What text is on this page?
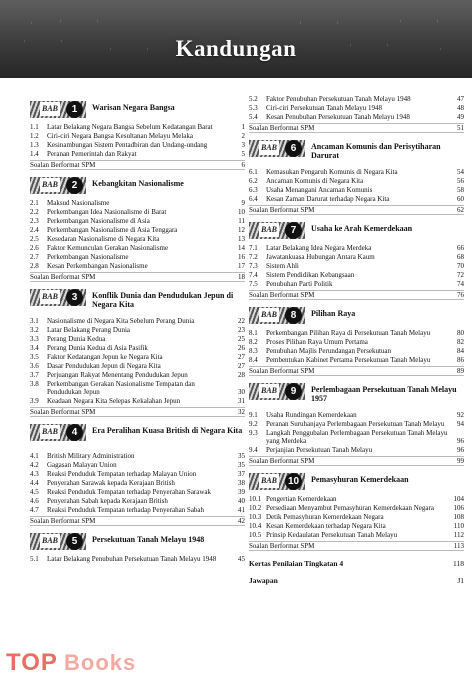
Kandungan
BAB	1	Warisan Negara Bangsa
1.1	Latar Belakang Negara Bangsa Sebelum Kedatangan Barat	1
1.2	Ciri-ciri Negara Bangsa Kesultanan Melayu Melaka	2
1.3	Kesinambungan Sistem Pentadbiran dan Undang-undang	3
1.4	Peranan Pemerintah dan Rakyat	5
Soalan Berformat SPM	6
BAB	2	Kebangkitan Nasionalisme
2.1	Maksud Nasionalisme	9
2.2	Perkembangan Idea Nasionalisme di Barat	10
2.3	Perkembangan Nasionalisme di Asia	11
2.4	Perkembangan Nasionalisme di Asia Tenggara	12
2.5	Kesedaran Nasionalisme di Negara Kita	13
2.6	Faktor Kemunculan Gerakan Nasionalisme	14
2.7	Perkembangan Nasionalisme	16
2.8	Kesan Perkembangan Nasionalisme	17
Soalan Berformat SPM	18
BAB	3	Konflik Dunia dan Pendudukan Jepun di Negara Kita
3.1	Nasionalisme di Negara Kita Sebelum Perang Dunia	22
3.2	Latar Belakang Perang Dunia	23
3.3	Perang Dunia Kedua	25
3.4	Perang Dunia Kedua di Asia Pasifik	26
3.5	Faktor Kedatangan Jepun ke Negara Kita	27
3.6	Dasar Pendudukan Jepun di Negara Kita	27
3.7	Perjuangan Rakyat Menentang Pendudukan Jepun	28
3.8	Perkembangan Gerakan Nasionalisme Tempatan dan Pendudukan Jepun	30
3.9	Keadaan Negara Kita Selepas Kekalahan Jepun	31
Soalan Berformat SPM	32
BAB	4	Era Peralihan Kuasa British di Negara Kita
4.1	British Military Administration	35
4.2	Gagasan Malayan Union	35
4.3	Reaksi Penduduk Tempatan terhadap Malayan Union	37
4.4	Penyerahan Sarawak kepada Kerajaan British	38
4.5	Reaksi Penduduk Tempatan terhadap Penyerahan Sarawak	39
4.6	Penyerahan Sabah kepada Kerajaan British	40
4.7	Reaksi Penduduk Tempatan terhadap Penyerahan Sabah	41
Soalan Berformat SPM	42
BAB	5	Persekutuan Tanah Melayu 1948
5.1	Latar Belakang Penubuhan Persekutuan Tanah Melayu 1948	45
5.2	Faktor Penubuhan Persekutuan Tanah Melayu 1948	47
5.3	Ciri-ciri Persekutuan Tanah Melayu 1948	48
5.4	Kesan Penubuhan Persekutuan Tanah Melayu 1948	49
Soalan Berformat SPM	51
BAB	6	Ancaman Komunis dan Perisytiharan Darurat
6.1	Kemasukan Pengaruh Komunis di Negara Kita	54
6.2	Ancaman Komunis di Negara Kita	56
6.3	Usaha Menangani Ancaman Komunis	58
6.4	Kesan Zaman Darurat terhadap Negara Kita	60
Soalan Berformat SPM	62
BAB	7	Usaha ke Arah Kemerdekaan
7.1	Latar Belakang Idea Negara Merdeka	66
7.2	Jawatankuasa Hubungan Antara Kaum	68
7.3	Sistem Ahli	70
7.4	Sistem Pendidikan Kebangsaan	72
7.5	Penubuhan Parti Politik	74
Soalan Berformat SPM	76
BAB	8	Pilihan Raya
8.1	Perkembangan Pilihan Raya di Persekutuan Tanah Melayu	80
8.2	Proses Pilihan Raya Umum Pertama	82
8.3	Penubuhan Majlis Perundangan Persekutuan	84
8.4	Pembentukan Kabinet Pertama Persekutuan Tanah Melayu	86
Soalan Berformat SPM	89
BAB	9	Perlembagaan Persekutuan Tanah Melayu 1957
9.1	Usaha Rundingan Kemerdekaan	92
9.2	Peranan Suruhanjaya Perlembagaan Persekutuan Tanah Melayu	94
9.3	Langkah Penggubalan Perlembagaan Persekutuan Tanah Melayu yang Merdeka	96
9.4	Perjanjian Persekutuan Tanah Melayu	96
Soalan Berformat SPM	99
BAB 10	Pemasyhuran Kemerdekaan
10.1 Pengertian Kemerdekaan	104
10.2 Persediaan Menyambut Pemasyhuran Kemerdekaan Negara	106
10.3 Detik Pemasyhuran Kemerdekaan Negara	108
10.4 Kesan Kemerdekaan terhadap Negara Kita	110
10.5 Prinsip Kedaulatan Persekutuan Tanah Melayu	112
Soalan Berformat SPM	113
Kertas Penilaian Tingkatan 4	118
Jawapan	J1
TOP Books
